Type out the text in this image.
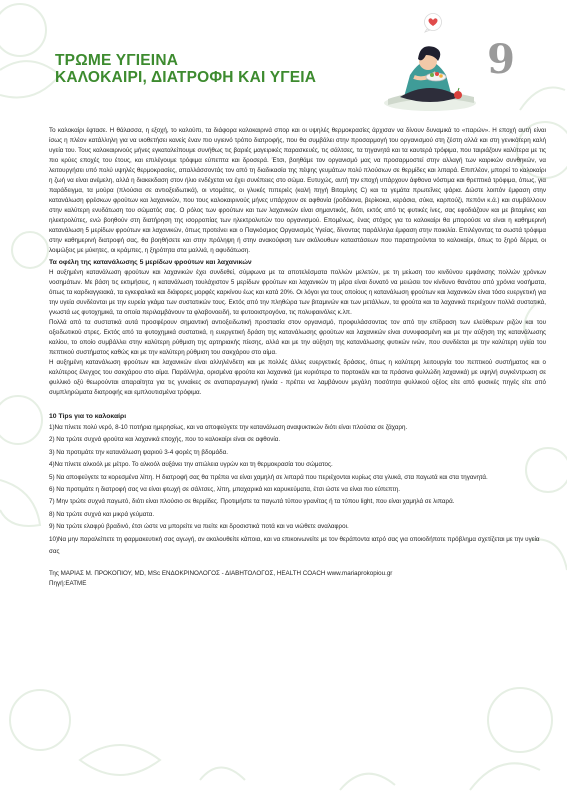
ΤΡΩΜΕ ΥΓΙΕΙΝΑ
ΚΑΛΟΚΑΙΡΙ, ΔΙΑΤΡΟΦΗ ΚΑΙ ΥΓΕΙΑ	9

Το καλοκαίρι έφτασε. Η θάλασσα, η εξοχή, το καλούπι, τα διάφορα καλοκαιρινά σπορ και οι υψηλές θερμοκρασίες άρχισαν να δίνουν δυναμικά το «παρών». Η εποχή αυτή είναι ίσως η πλέον κατάλληλη για να υιοθετήσει κανείς έναν πιο υγιεινό τρόπο διατροφής, που θα συμβάλει στην προσαρμογή του οργανισμού στη ζέστη αλλά και στη γενικότερη καλή υγεία του. Τους καλοκαιρινούς μήνες εγκαταλείπουμε συνήθως τις βαριές μαγειρικές παρασκευές, τις σάλτσες, τα τηγανητά και τα καυτερά τρόφιμα, που ταιριάζουν καλύτερα με τις πιο κρύες εποχές του έτους, και επιλέγουμε τρόφιμα εύπεπτα και δροσερά. Έτσι, βοηθάμε τον οργανισμό μας να προσαρμοστεί στην αλλαγή των καιρικών συνθηκών, να λειτουργήσει υπό πολύ υψηλές θερμοκρασίες, απαλλάσσοντάς τον από τη διαδικασία της πέψης γευμάτων πολύ πλούσιων σε θερμίδες και λιπαρά. Επιπλέον, μπορεί το καλοκαίρι η ζωή να είναι ανέμελη, αλλά η διακεκδαση στον ήλιο ενδέχεται να έχει συνέπειες στο σώμα. Ευτυχώς, αυτή την εποχή υπάρχουν άφθονα νόστιμα και θρεπτικά τρόφιμα, όπως, για παράδειγμα, τα μούρα (πλούσια σε αντιοξειδωτικά), οι ντομάτες, οι γλυκές πιπεριές (καλή πηγή Βιταμίνης C) και τα γεμάτα πρωτεΐνες ψάρια. Δώστε λοιπόν έμφαση στην κατανάλωση φρέσκων φρούτων και λαχανικών, που τους καλοκαιρινούς μήνες υπάρχουν σε αφθονία (ροδάκινα, βερίκοκα, κεράσια, σύκα, καρπούζι, πεπόνι κ.ά.) και συμβάλλουν στην καλύτερη ενυδάτωση του σώματός σας. Ο ρόλος των φρούτων και των λαχανικών είναι σημαντικός, διότι, εκτός από τις φυτικές ίνες, σας εφοδιάζουν και με βιταμίνες και ηλεκτρολύτες, ενώ βοηθούν στη διατήρηση της ισορροπίας των ηλεκτρολυτών του οργανισμού. Επομένως, ένας στόχος για το καλοκαίρι θα μπορούσε να είναι η καθημερινή κατανάλωση 5 μερίδων φρούτων και λαχανικών, όπως προτείνει και ο Παγκόσμιος Οργανισμός Υγείας, δίνοντας παράλληλα έμφαση στην ποικιλία. Επιλέγοντας τα σωστά τρόφιμα στην καθημερινή διατροφή σας, θα βοηθήσετε και στην πρόληψη ή στην ανακούφιση των ακόλουθων καταστάσεων που παρατηρούνται το καλοκαίρι, όπως το ξηρό δέρμα, οι λοιμώξεις με μύκητες, οι κράμπες, η ξηρότητα στα μαλλιά, η αφυδάτωση.

Τα οφέλη της κατανάλωσης 5 μερίδων φρούτων και λαχανικών

Η αυξημένη κατανάλωση φρούτων και λαχανικών έχει συνδεθεί, σύμφωνα με τα αποτελέσματα πολλών μελετών, με τη μείωση του κινδύνου εμφάνισης πολλών χρόνιων νοσημάτων. Με βάση τις εκτιμήσεις, η κατανάλωση τουλάχιστον 5 μερίδων φρούτων και λαχανικών τη μέρα είναι δυνατό να μειώσει τον κίνδυνο θανάτου από χρόνια νοσήματα, όπως τα καρδιαγγειακά, τα εγκεφαλικά και διάφορες μορφές καρκίνου έως και κατά 20%. Οι λόγοι για τους οποίους η κατανάλωση φρούτων και λαχανικών είναι τόσο ευεργετική για την υγεία συνδέονται με την ευρεία γκάμα των συστατικών τους. Εκτός από την πληθώρα των βιταμινών και των μετάλλων, τα φρούτα και τα λαχανικά περιέχουν πολλά συστατικά, γνωστά ως φυτοχημικά, τα οποία περιλαμβάνουν τα φλαβονοειδή, τα φυτοοιστρογόνα, τις πολυφαινόλες κ.λπ.

Πολλά από τα συστατικά αυτά προσφέρουν σημαντική αντιοξειδωτική προστασία στον οργανισμό, προφυλάσσοντας τον από την επίδραση των ελεύθερων ριζών και του οξειδωτικού στρες. Εκτός από τα φυτοχημικά συστατικά, η ευεργετική δράση της κατανάλωσης φρούτων και λαχανικών είναι συνυφασμένη και με την αύξηση της κατανάλωσης καλίου, το οποίο συμβάλλει στην καλύτερη ρύθμιση της αρτηριακής πίεσης, αλλά και με την αύξηση της κατανάλωσης φυτικών ινών, που συνδέεται με την καλύτερη υγεία του πεπτικού συστήματος καθώς και με την καλύτερη ρύθμιση του σακχάρου στο αίμα.

Η αυξημένη κατανάλωση φρούτων και λαχανικών είναι αλληλένδετη και με πολλές άλλες ευεργετικές δράσεις, όπως η καλύτερη λειτουργία του πεπτικού συστήματος και ο καλύτερος έλεγχος του σακχάρου στο αίμα. Παράλληλα, ορισμένα φρούτα και λαχανικά (με κυριότερα το πορτοκάλι και τα πράσινα φυλλώδη λαχανικά) με υψηλή συγκέντρωση σε φυλλικό οξύ θεωρούνται απαραίτητα για τις γυναίκες σε αναπαραγωγική ηλικία - πρέπει να λαμβάνουν μεγάλη ποσότητα φυλλικού οξέος είτε από φυσικές πηγές είτε από συμπληρώματα διατροφής και εμπλουτισμένα τρόφιμα.

10 Tips για το καλοκαίρι

1)Να πίνετε πολύ νερό, 8-10 ποτήρια ημερησίως, και να αποφεύγετε την κατανάλωση αναψυκτικών διότι είναι πλούσια σε ζάχαρη.

2) Να τρώτε συχνά φρούτα και λαχανικά εποχής, που το καλοκαίρι είναι σε αφθονία.

3) Να προτιμάτε την κατανάλωση ψαριού 3-4 φορές τη βδομάδα.

4)Να πίνετε αλκοόλ με μέτρο. Το αλκοόλ αυξάνει την απώλεια υγρών και τη θερμοκρασία του σώματος.

5) Να αποφεύγετε τα κορεσμένα λίπη. Η διατροφή σας θα πρέπει να είναι χαμηλή σε λιπαρά που περιέχονται κυρίως στα γλυκά, στα παγωτά και στα τηγανητά.

6) Να προτιμάτε η διατροφή σας να είναι φτωχή σε σάλτσες, λίπη, μπαχαρικά και καρυκεύματα, έτσι ώστε να είναι πιο εύπεπτη.

7) Μην τρώτε συχνά παγωτό, διότι είναι πλούσιο σε θερμίδες. Προτιμήστε τα παγωτά τύπου γρανίτας ή τα τύπου light, που είναι χαμηλά σε λιπαρά.

8) Να τρώτε συχνά και μικρά γεύματα.

9) Να τρώτε ελαφρύ βραδινό, έτσι ώστε να μπορείτε να πιείτε και δροσιστικά ποτά και να νιώθετε αναλαφροι.

10)Να μην παραλείπετε τη φαρμακευτική σας αγωγή, αν ακολουθείτε κάποια, και να επικοινωνείτε με τον θεράποντα ιατρό σας για οποιοδήποτε πρόβλημα σχετίζεται με την υγεία σας

Της ΜΑΡΙΑΣ Μ. ΠΡΟΚΟΠΙΟΥ, MD, MSc ΕΝΔΟΚΡΙΝΟΛΟΓΟΣ - ΔΙΑΒΗΤΟΛΟΓΟΣ, HEALTH COACH www.mariaprokopiou.gr

Πηγή:ΕΑΤΜΕ
